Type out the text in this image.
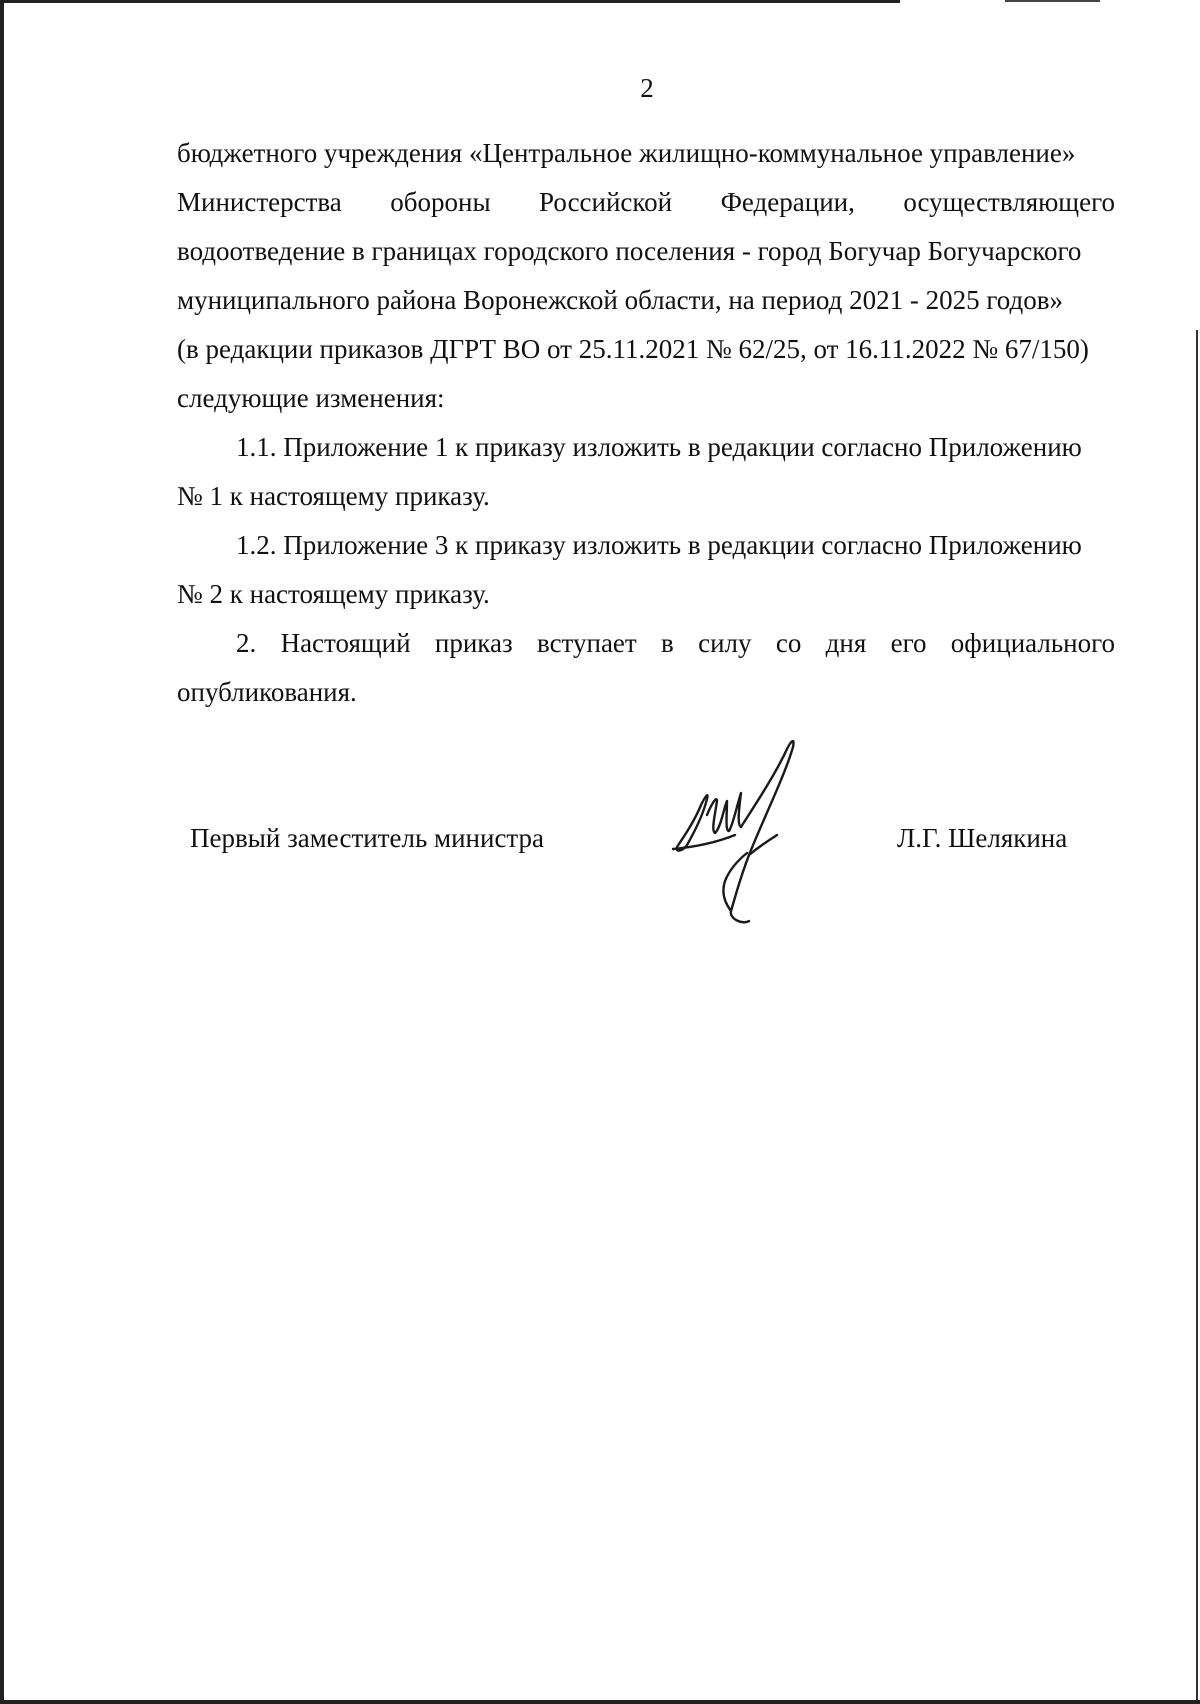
2
бюджетного учреждения «Центральное жилищно-коммунальное управление»
Министерства обороны Российской Федерации, осуществляющего
водоотведение в границах городского поселения - город Богучар Богучарского
муниципального района Воронежской области, на период 2021 - 2025 годов»
(в редакции приказов ДГРТ ВО от 25.11.2021 № 62/25, от 16.11.2022 № 67/150)
следующие изменения:
1.1. Приложение 1 к приказу изложить в редакции согласно Приложению
№ 1 к настоящему приказу.
1.2. Приложение 3 к приказу изложить в редакции согласно Приложению
№ 2 к настоящему приказу.
2. Настоящий приказ вступает в силу со дня его официального
опубликования.
Первый заместитель министра	Л.Г. Шелякина
